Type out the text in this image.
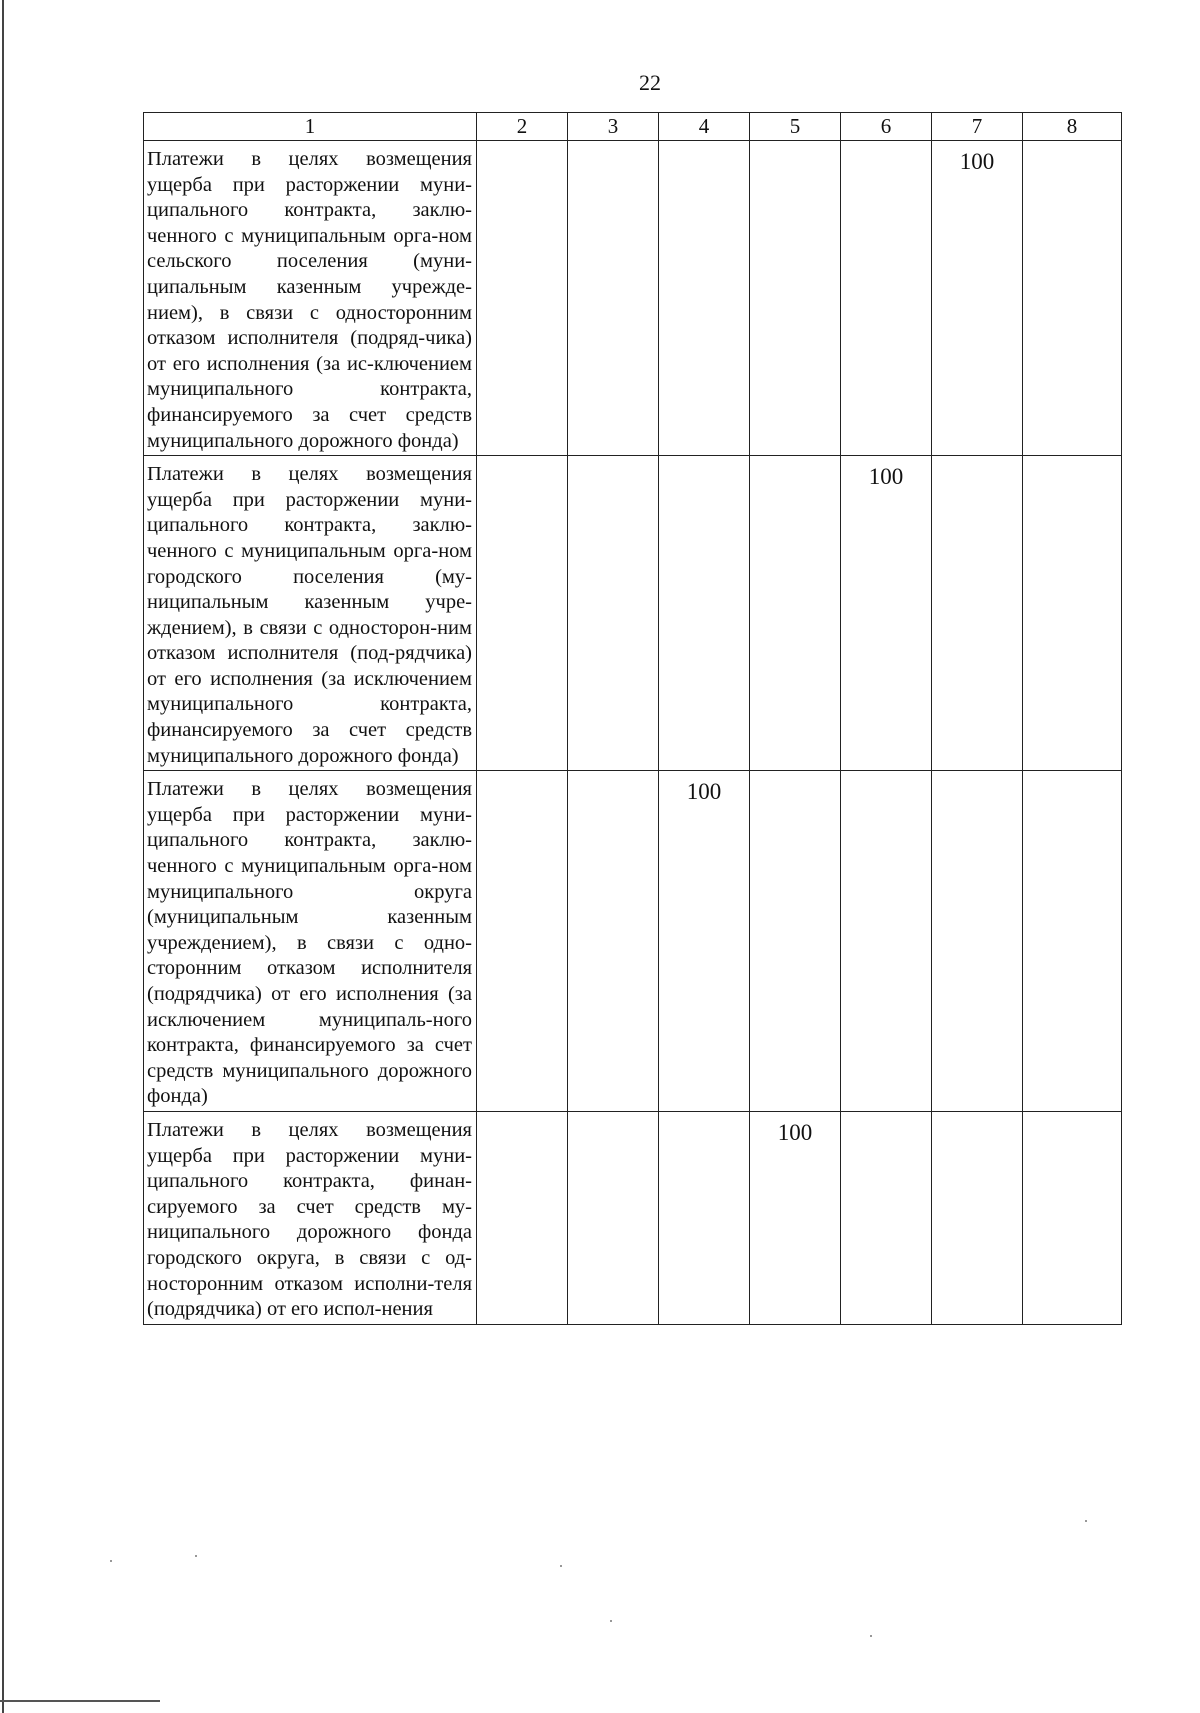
22
1	2	3	4	5	6	7	8
Платежи в целях возмещения ущерба при расторжении муни-ципального контракта, заклю-ченного с муниципальным орга-ном сельского поселения (муни-ципальным казенным учрежде-нием), в связи с односторонним отказом исполнителя (подряд-чика) от его исполнения (за ис-ключением муниципального контракта, финансируемого за счет средств муниципального дорожного фонда)						100	
Платежи в целях возмещения ущерба при расторжении муни-ципального контракта, заклю-ченного с муниципальным орга-ном городского поселения (му-ниципальным казенным учре-ждением), в связи с односторон-ним отказом исполнителя (под-рядчика) от его исполнения (за исключением муниципального контракта, финансируемого за счет средств муниципального дорожного фонда)					100		
Платежи в целях возмещения ущерба при расторжении муни-ципального контракта, заклю-ченного с муниципальным орга-ном муниципального округа (муниципальным казенным учреждением), в связи с одно-сторонним отказом исполнителя (подрядчика) от его исполнения (за исключением муниципаль-ного контракта, финансируемого за счет средств муниципального дорожного фонда)			100				
Платежи в целях возмещения ущерба при расторжении муни-ципального контракта, финан-сируемого за счет средств му-ниципального дорожного фонда городского округа, в связи с од-носторонним отказом исполни-теля (подрядчика) от его испол-нения				100			
